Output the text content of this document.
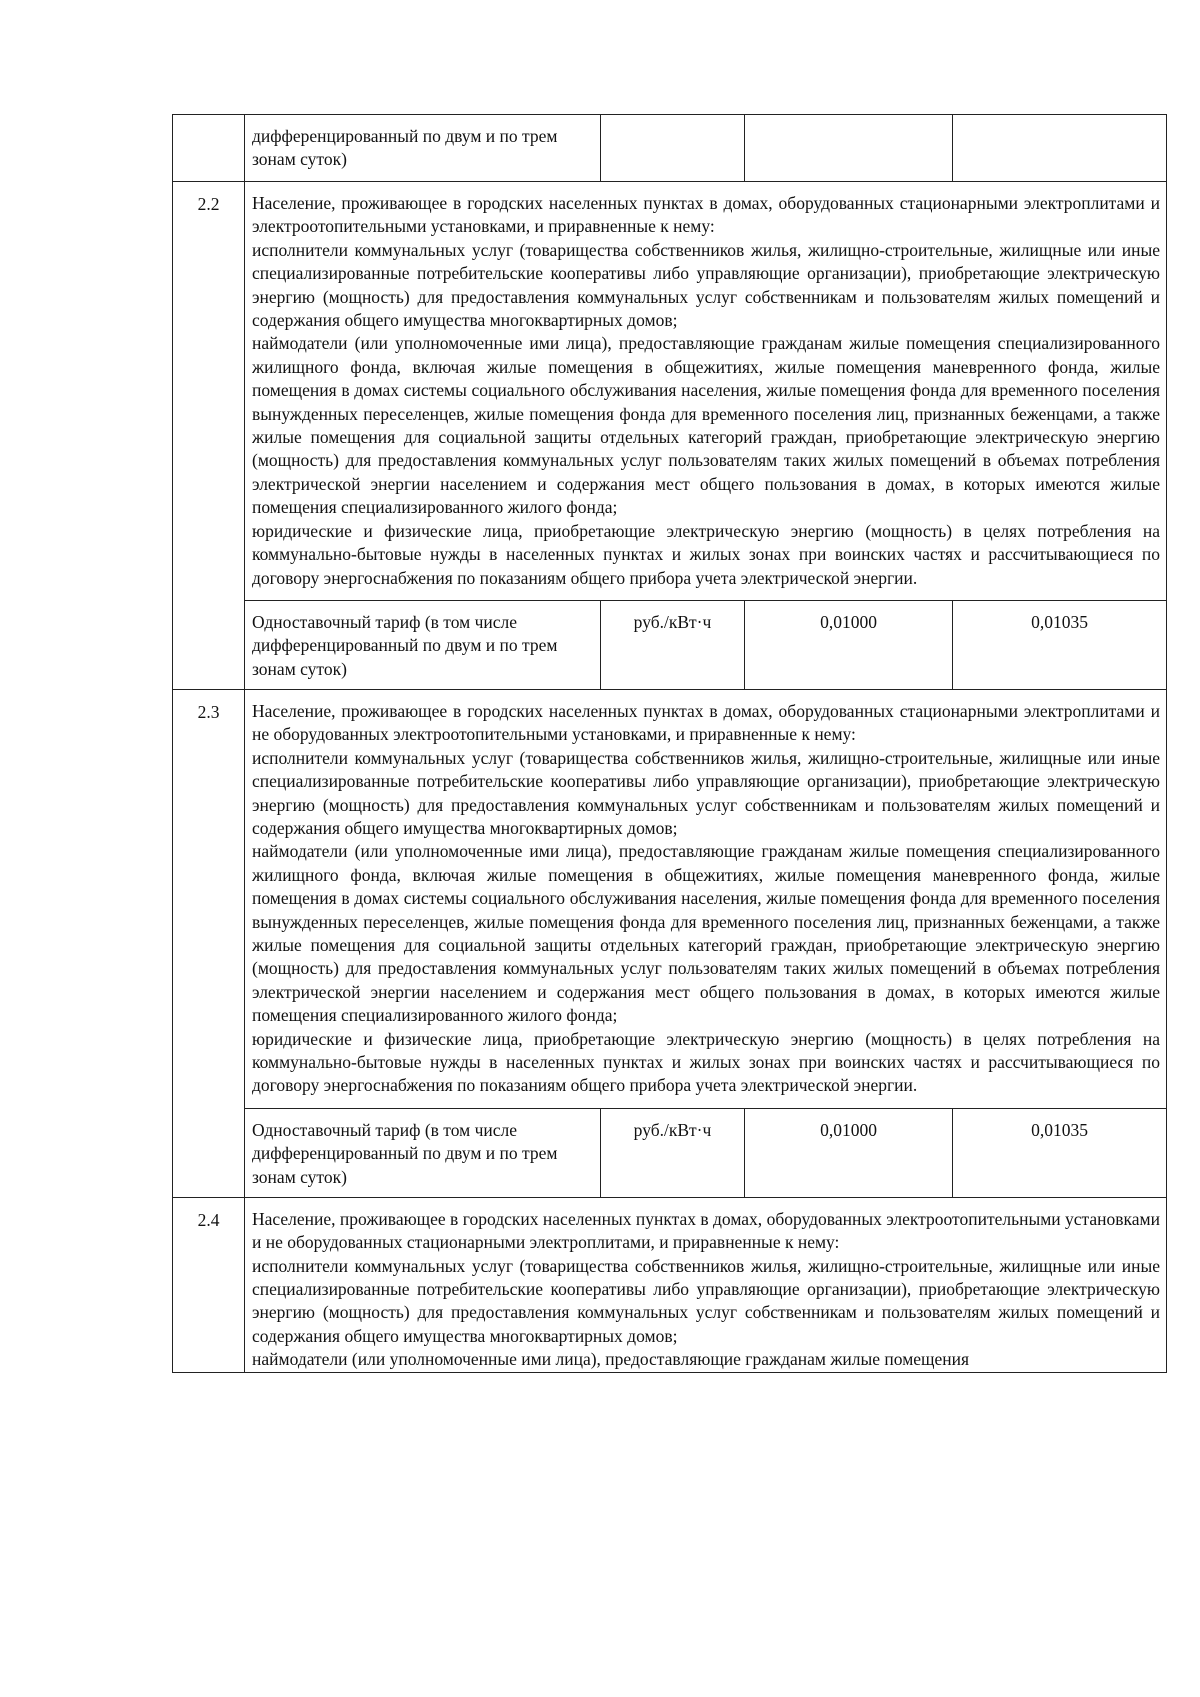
	дифференцированный по двум и по трем зонам суток)			
2.2	Население, проживающее в городских населенных пунктах в домах, оборудованных стационарными электроплитами и электроотопительными установками, и приравненные к нему:

исполнители коммунальных услуг (товарищества собственников жилья, жилищно-строительные, жилищные или иные специализированные потребительские кооперативы либо управляющие организации), приобретающие электрическую энергию (мощность) для предоставления коммунальных услуг собственникам и пользователям жилых помещений и содержания общего имущества многоквартирных домов;

наймодатели (или уполномоченные ими лица), предоставляющие гражданам жилые помещения специализированного жилищного фонда, включая жилые помещения в общежитиях, жилые помещения маневренного фонда, жилые помещения в домах системы социального обслуживания населения, жилые помещения фонда для временного поселения вынужденных переселенцев, жилые помещения фонда для временного поселения лиц, признанных беженцами, а также жилые помещения для социальной защиты отдельных категорий граждан, приобретающие электрическую энергию (мощность) для предоставления коммунальных услуг пользователям таких жилых помещений в объемах потребления электрической энергии населением и содержания мест общего пользования в домах, в которых имеются жилые помещения специализированного жилого фонда;

юридические и физические лица, приобретающие электрическую энергию (мощность) в целях потребления на коммунально-бытовые нужды в населенных пунктах и жилых зонах при воинских частях и рассчитывающиеся по договору энергоснабжения по показаниям общего прибора учета электрической энергии.			

	Одноставочный тариф (в том числе дифференцированный по двум и по трем зонам суток)	руб./кВт·ч	0,01000	0,01035
2.3	Население, проживающее в городских населенных пунктах в домах, оборудованных стационарными электроплитами и не оборудованных электроотопительными установками, и приравненные к нему:

исполнители коммунальных услуг (товарищества собственников жилья, жилищно-строительные, жилищные или иные специализированные потребительские кооперативы либо управляющие организации), приобретающие электрическую энергию (мощность) для предоставления коммунальных услуг собственникам и пользователям жилых помещений и содержания общего имущества многоквартирных домов;

наймодатели (или уполномоченные ими лица), предоставляющие гражданам жилые помещения специализированного жилищного фонда, включая жилые помещения в общежитиях, жилые помещения маневренного фонда, жилые помещения в домах системы социального обслуживания населения, жилые помещения фонда для временного поселения вынужденных переселенцев, жилые помещения фонда для временного поселения лиц, признанных беженцами, а также жилые помещения для социальной защиты отдельных категорий граждан, приобретающие электрическую энергию (мощность) для предоставления коммунальных услуг пользователям таких жилых помещений в объемах потребления электрической энергии населением и содержания мест общего пользования в домах, в которых имеются жилые помещения специализированного жилого фонда;

юридические и физические лица, приобретающие электрическую энергию (мощность) в целях потребления на коммунально-бытовые нужды в населенных пунктах и жилых зонах при воинских частях и рассчитывающиеся по договору энергоснабжения по показаниям общего прибора учета электрической энергии.			

	Одноставочный тариф (в том числе дифференцированный по двум и по трем зонам суток)	руб./кВт·ч	0,01000	0,01035
2.4	Население, проживающее в городских населенных пунктах в домах, оборудованных электроотопительными установками и не оборудованных стационарными электроплитами, и приравненные к нему:

исполнители коммунальных услуг (товарищества собственников жилья, жилищно-строительные, жилищные или иные специализированные потребительские кооперативы либо управляющие организации), приобретающие электрическую энергию (мощность) для предоставления коммунальных услуг собственникам и пользователям жилых помещений и содержания общего имущества многоквартирных домов;

наймодатели (или уполномоченные ими лица), предоставляющие гражданам жилые помещения			
